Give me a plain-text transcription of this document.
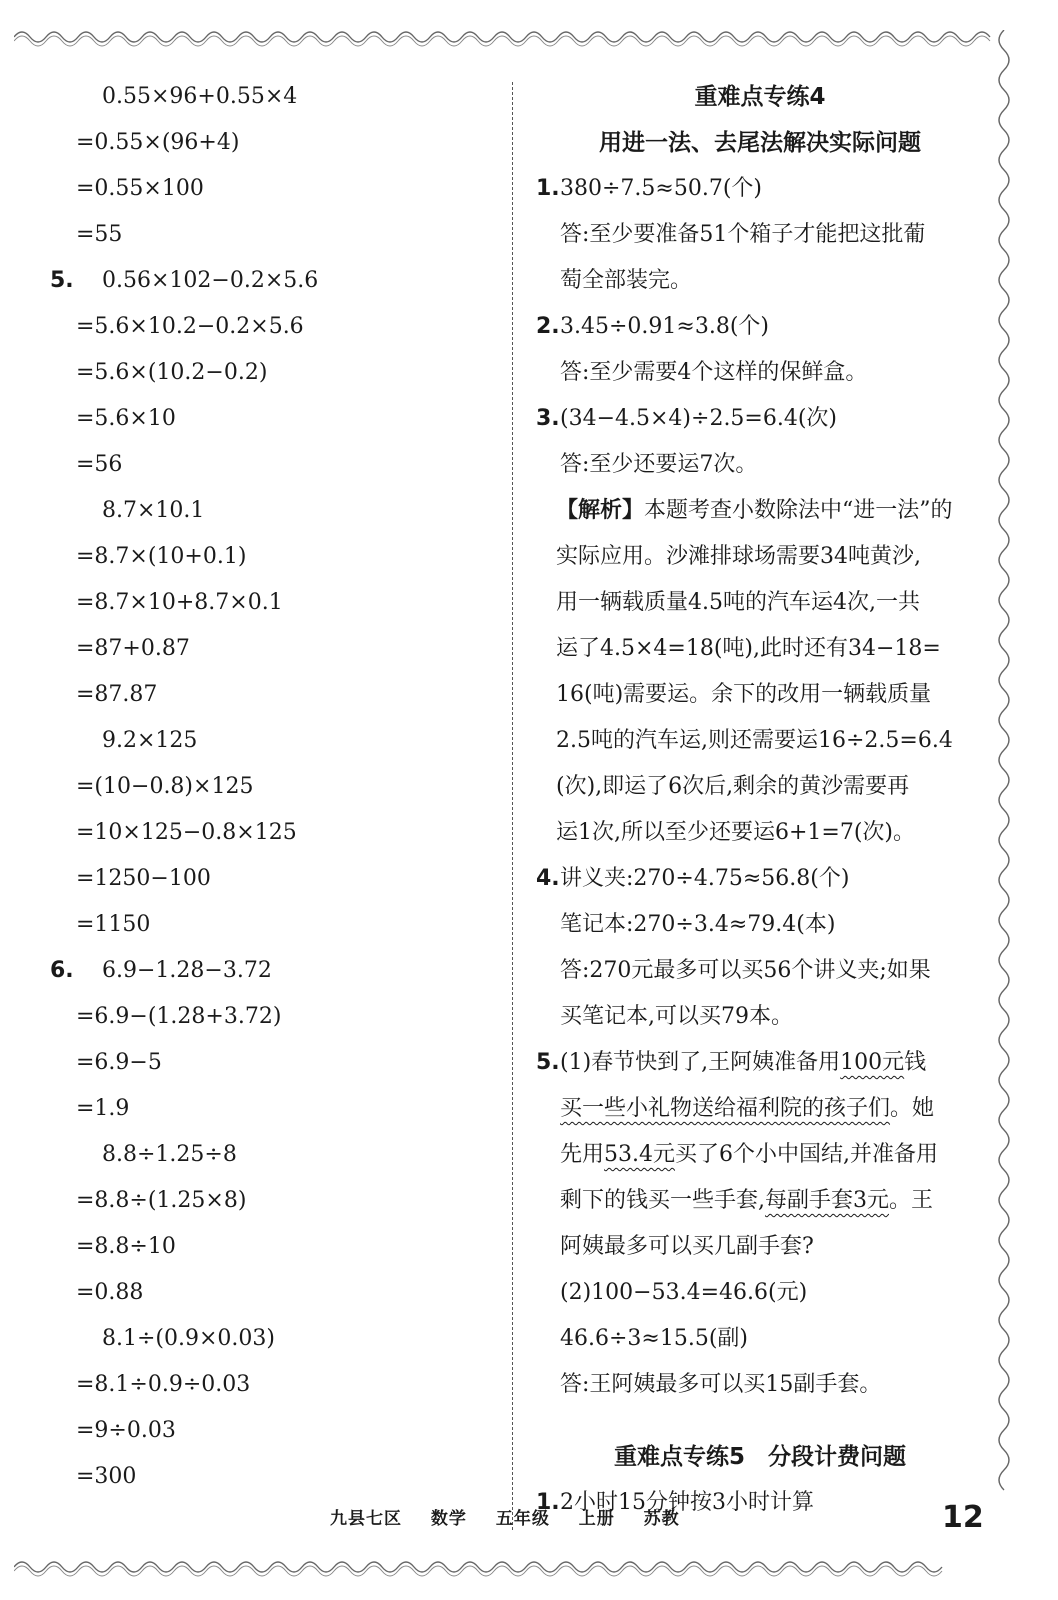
0.55×96+0.55×4
=0.55×(96+4)
=0.55×100
=55
5. 0.56×102−0.2×5.6
=5.6×10.2−0.2×5.6
=5.6×(10.2−0.2)
=5.6×10
=56
8.7×10.1
=8.7×(10+0.1)
=8.7×10+8.7×0.1
=87+0.87
=87.87
9.2×125
=(10−0.8)×125
=10×125−0.8×125
=1250−100
=1150
6. 6.9−1.28−3.72
=6.9−(1.28+3.72)
=6.9−5
=1.9
8.8÷1.25÷8
=8.8÷(1.25×8)
=8.8÷10
=0.88
8.1÷(0.9×0.03)
=8.1÷0.9÷0.03
=9÷0.03
=300
重难点专练4
用进一法、去尾法解决实际问题
1. 380÷7.5≈50.7(个)
答:至少要准备51个箱子才能把这批葡
萄全部装完。
2. 3.45÷0.91≈3.8(个)
答:至少需要4个这样的保鲜盒。
3. (34−4.5×4)÷2.5=6.4(次)
答:至少还要运7次。
【解析】本题考查小数除法中“进一法”的
实际应用。沙滩排球场需要34吨黄沙,
用一辆载质量4.5吨的汽车运4次,一共
运了4.5×4=18(吨),此时还有34−18=
16(吨)需要运。余下的改用一辆载质量
2.5吨的汽车运,则还需要运16÷2.5=6.4
(次),即运了6次后,剩余的黄沙需要再
运1次,所以至少还要运6+1=7(次)。
4. 讲义夹:270÷4.75≈56.8(个)
笔记本:270÷3.4≈79.4(本)
答:270元最多可以买56个讲义夹;如果
买笔记本,可以买79本。
5. (1)春节快到了,王阿姨准备用100元钱
买一些小礼物送给福利院的孩子们。她
先用53.4元买了6个小中国结,并准备用
剩下的钱买一些手套,每副手套3元。王
阿姨最多可以买几副手套?
(2)100−53.4=46.6(元)
46.6÷3≈15.5(副)
答:王阿姨最多可以买15副手套。
重难点专练5　分段计费问题
1. 2小时15分钟按3小时计算
九县七区 数学 五年级 上册 苏教	12
